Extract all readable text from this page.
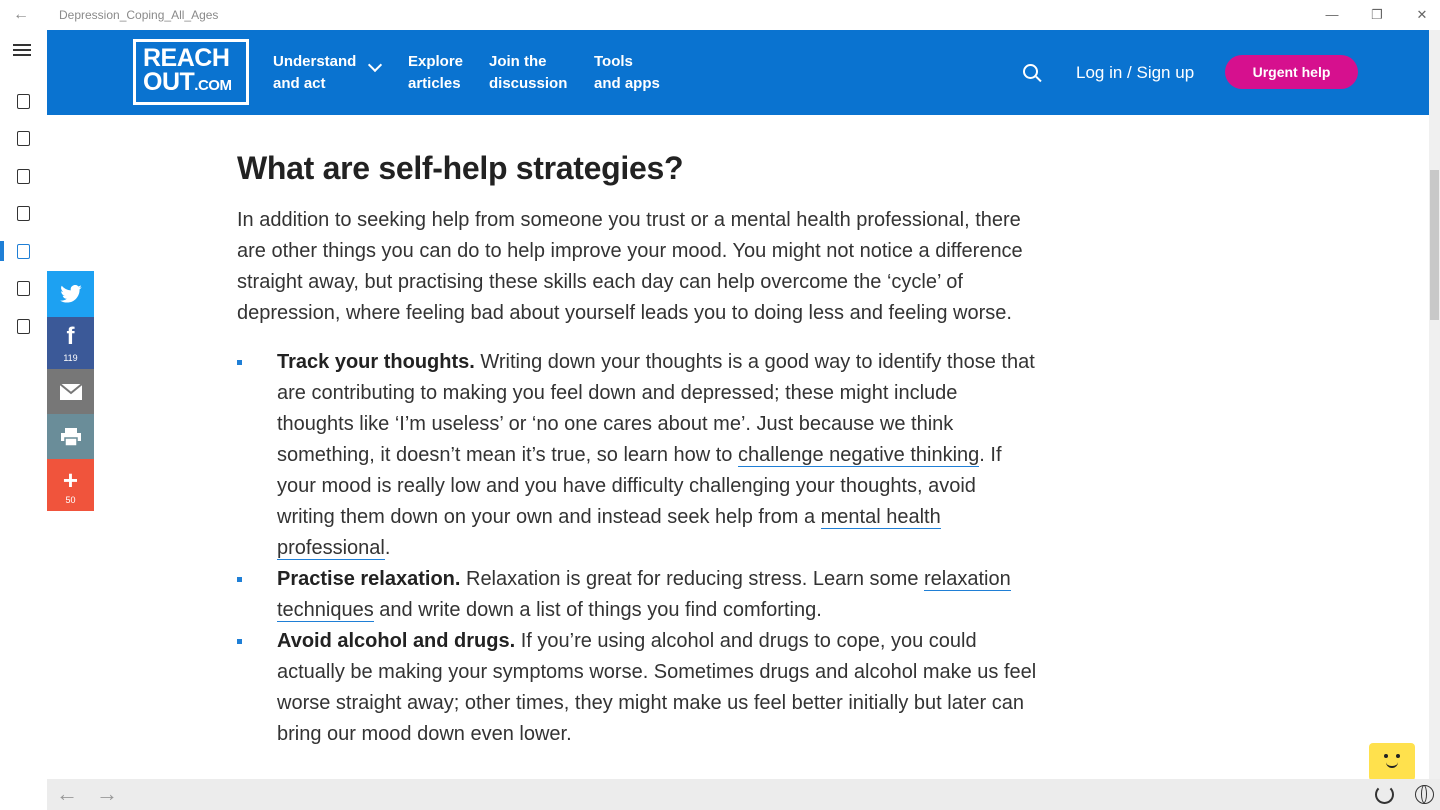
←	Depression_Coping_All_Ages	—	❐	✕
REACH
OUT.COM
Understand
and act
Explore
articles
Join the
discussion
Tools
and apps
Log in / Sign up	Urgent help
f
119
+
50
What are self-help strategies?

In addition to seeking help from someone you trust or a mental health professional, there are other things you can do to help improve your mood. You might not notice a difference straight away, but practising these skills each day can help overcome the ‘cycle’ of depression, where feeling bad about yourself leads you to doing less and feeling worse.

Track your thoughts. Writing down your thoughts is a good way to identify those that are contributing to making you feel down and depressed; these might include thoughts like ‘I’m useless’ or ‘no one cares about me’. Just because we think something, it doesn’t mean it’s true, so learn how to challenge negative thinking. If your mood is really low and you have difficulty challenging your thoughts, avoid writing them down on your own and instead seek help from a mental health professional.
Practise relaxation. Relaxation is great for reducing stress. Learn some relaxation techniques and write down a list of things you find comforting.
Avoid alcohol and drugs. If you’re using alcohol and drugs to cope, you could actually be making your symptoms worse. Sometimes drugs and alcohol make us feel worse straight away; other times, they might make us feel better initially but later can bring our mood down even lower.
← →
